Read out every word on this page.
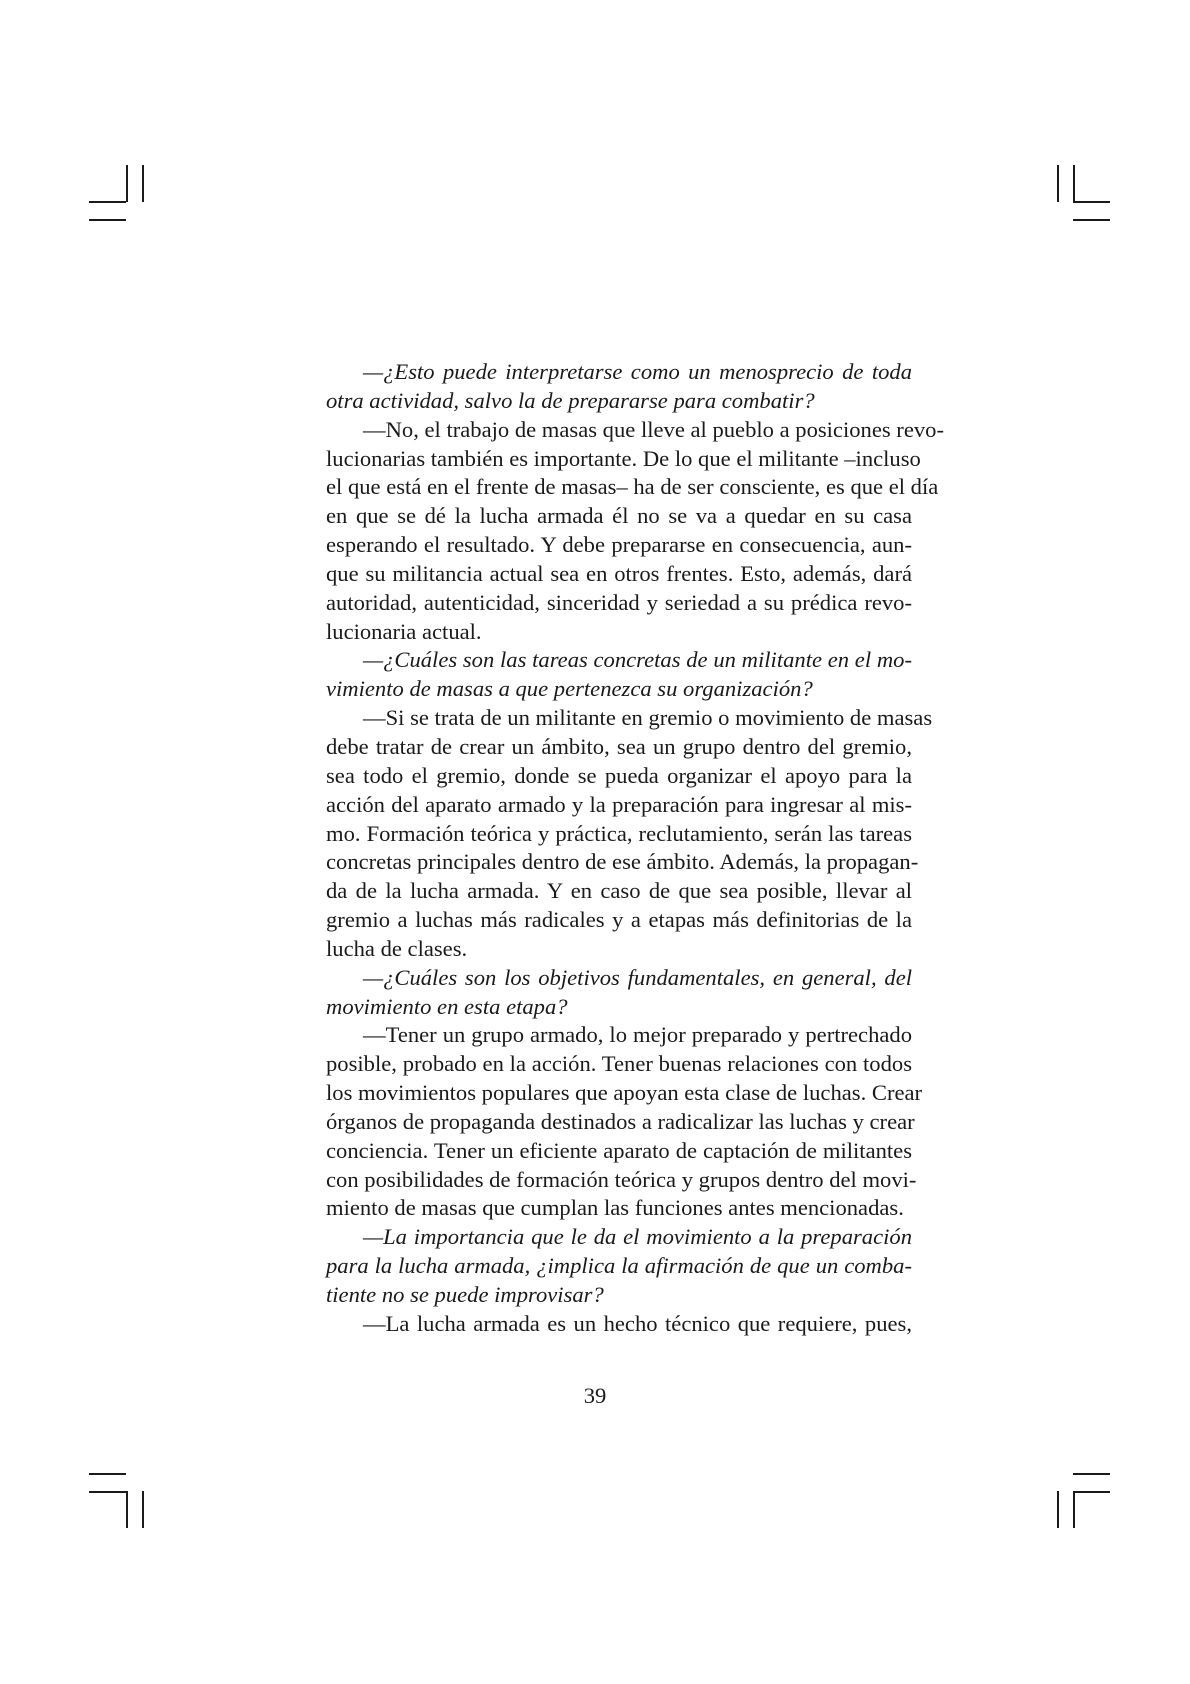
—¿Esto puede interpretarse como un menosprecio de toda
otra actividad, salvo la de prepararse para combatir?
—No, el trabajo de masas que lleve al pueblo a posiciones revo-
lucionarias también es importante. De lo que el militante –incluso
el que está en el frente de masas– ha de ser consciente, es que el día
en que se dé la lucha armada él no se va a quedar en su casa
esperando el resultado. Y debe prepararse en consecuencia, aun-
que su militancia actual sea en otros frentes. Esto, además, dará
autoridad, autenticidad, sinceridad y seriedad a su prédica revo-
lucionaria actual.
—¿Cuáles son las tareas concretas de un militante en el mo-
vimiento de masas a que pertenezca su organización?
—Si se trata de un militante en gremio o movimiento de masas
debe tratar de crear un ámbito, sea un grupo dentro del gremio,
sea todo el gremio, donde se pueda organizar el apoyo para la
acción del aparato armado y la preparación para ingresar al mis-
mo. Formación teórica y práctica, reclutamiento, serán las tareas
concretas principales dentro de ese ámbito. Además, la propagan-
da de la lucha armada. Y en caso de que sea posible, llevar al
gremio a luchas más radicales y a etapas más definitorias de la
lucha de clases.
—¿Cuáles son los objetivos fundamentales, en general, del
movimiento en esta etapa?
—Tener un grupo armado, lo mejor preparado y pertrechado
posible, probado en la acción. Tener buenas relaciones con todos
los movimientos populares que apoyan esta clase de luchas. Crear
órganos de propaganda destinados a radicalizar las luchas y crear
conciencia. Tener un eficiente aparato de captación de militantes
con posibilidades de formación teórica y grupos dentro del movi-
miento de masas que cumplan las funciones antes mencionadas.
—La importancia que le da el movimiento a la preparación
para la lucha armada, ¿implica la afirmación de que un comba-
tiente no se puede improvisar?
—La lucha armada es un hecho técnico que requiere, pues,
39
